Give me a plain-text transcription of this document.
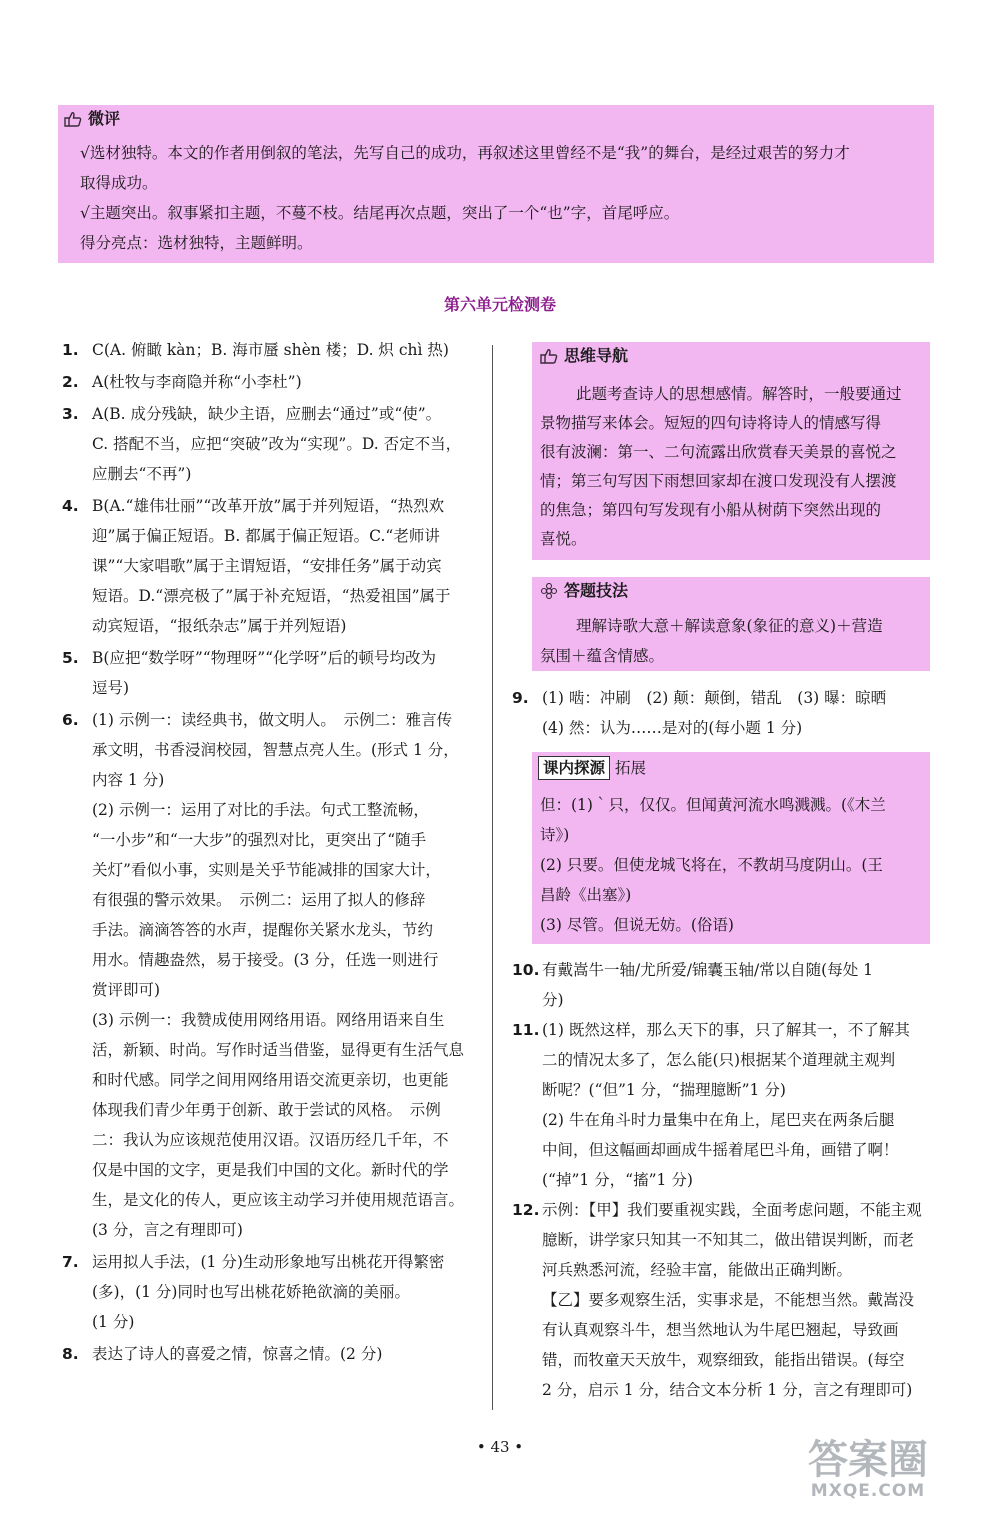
微评

√选材独特。本文的作者用倒叙的笔法，先写自己的成功，再叙述这里曾经不是“我”的舞台，是经过艰苦的努力才

取得成功。

√主题突出。叙事紧扣主题，不蔓不枝。结尾再次点题，突出了一个“也”字，首尾呼应。

得分亮点：选材独特，主题鲜明。

第六单元检测卷

1. C(A. 俯瞰 kàn；B. 海市蜃 shèn 楼；D. 炽 chì 热)

2. A(杜牧与李商隐并称“小李杜”)

3. A(B. 成分残缺，缺少主语，应删去“通过”或“使”。

C. 搭配不当，应把“突破”改为“实现”。D. 否定不当，

应删去“不再”)

4. B(A.“雄伟壮丽”“改革开放”属于并列短语，“热烈欢

迎”属于偏正短语。B. 都属于偏正短语。C.“老师讲

课”“大家唱歌”属于主谓短语，“安排任务”属于动宾

短语。D.“漂亮极了”属于补充短语，“热爱祖国”属于

动宾短语，“报纸杂志”属于并列短语)

5. B(应把“数学呀”“物理呀”“化学呀”后的顿号均改为

逗号)

6. (1) 示例一：读经典书，做文明人。　示例二：雅言传

承文明，书香浸润校园，智慧点亮人生。(形式 1 分，

内容 1 分)

(2) 示例一：运用了对比的手法。句式工整流畅，

“一小步”和“一大步”的强烈对比，更突出了“随手

关灯”看似小事，实则是关乎节能减排的国家大计，

有很强的警示效果。　示例二：运用了拟人的修辞

手法。滴滴答答的水声，提醒你关紧水龙头，节约

用水。情趣盎然，易于接受。(3 分，任选一则进行

赏评即可)

(3) 示例一：我赞成使用网络用语。网络用语来自生

活，新颖、时尚。写作时适当借鉴，显得更有生活气息

和时代感。同学之间用网络用语交流更亲切，也更能

体现我们青少年勇于创新、敢于尝试的风格。　示例

二：我认为应该规范使用汉语。汉语历经几千年，不

仅是中国的文字，更是我们中国的文化。新时代的学

生，是文化的传人，更应该主动学习并使用规范语言。

(3 分，言之有理即可)

7. 运用拟人手法，(1 分)生动形象地写出桃花开得繁密

(多)，(1 分)同时也写出桃花娇艳欲滴的美丽。

(1 分)

8. 表达了诗人的喜爱之情，惊喜之情。(2 分)

思维导航

此题考查诗人的思想感情。解答时，一般要通过

景物描写来体会。短短的四句诗将诗人的情感写得

很有波澜：第一、二句流露出欣赏春天美景的喜悦之

情；第三句写因下雨想回家却在渡口发现没有人摆渡

的焦急；第四句写发现有小船从树荫下突然出现的

喜悦。

答题技法

理解诗歌大意＋解读意象(象征的意义)＋营造

氛围＋蕴含情感。

9. (1) 啮：冲刷　(2) 颠：颠倒，错乱　(3) 曝：晾晒

(4) 然：认为……是对的(每小题 1 分)

课内探源 拓展

但：(1)｀只，仅仅。但闻黄河流水鸣溅溅。(《木兰

诗》)

(2) 只要。但使龙城飞将在，不教胡马度阴山。(王

昌龄《出塞》)

(3) 尽管。但说无妨。(俗语)

10. 有戴嵩牛一轴/尤所爱/锦囊玉轴/常以自随(每处 1

分)

11. (1) 既然这样，那么天下的事，只了解其一，不了解其

二的情况太多了，怎么能(只)根据某个道理就主观判

断呢？(“但”1 分，“揣理臆断”1 分)

(2) 牛在角斗时力量集中在角上，尾巴夹在两条后腿

中间，但这幅画却画成牛摇着尾巴斗角，画错了啊！

(“掉”1 分，“搐”1 分)

12. 示例：【甲】我们要重视实践，全面考虑问题，不能主观

臆断，讲学家只知其一不知其二，做出错误判断，而老

河兵熟悉河流，经验丰富，能做出正确判断。

【乙】要多观察生活，实事求是，不能想当然。戴嵩没

有认真观察斗牛，想当然地认为牛尾巴翘起，导致画

错，而牧童天天放牛，观察细致，能指出错误。(每空

2 分，启示 1 分，结合文本分析 1 分，言之有理即可)

• 43 •	答案圈
MXQE.COM
